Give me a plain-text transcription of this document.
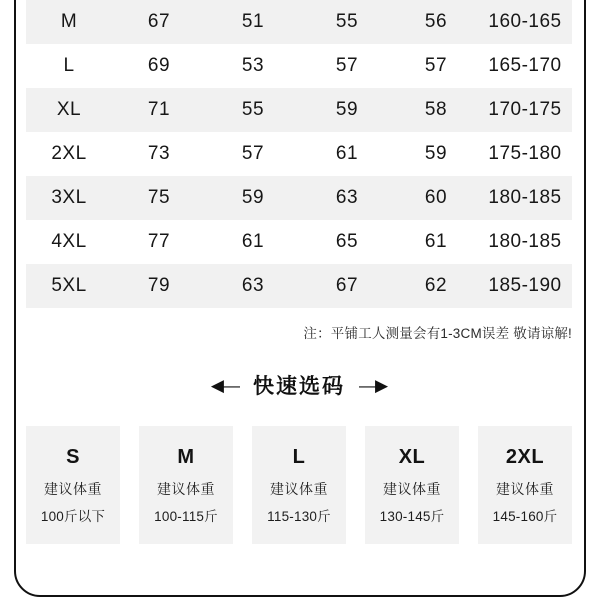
M	67	51	55	56	160-165
L	69	53	57	57	165-170
XL	71	55	59	58	170-175
2XL	73	57	61	59	175-180
3XL	75	59	63	60	180-185
4XL	77	61	65	61	180-185
5XL	79	63	67	62	185-190
注：平铺工人测量会有1-3CM误差 敬请谅解!
◀— 快速选码 —▶
S
建议体重
100斤以下
M
建议体重
100-115斤
L
建议体重
115-130斤
XL
建议体重
130-145斤
2XL
建议体重
145-160斤
